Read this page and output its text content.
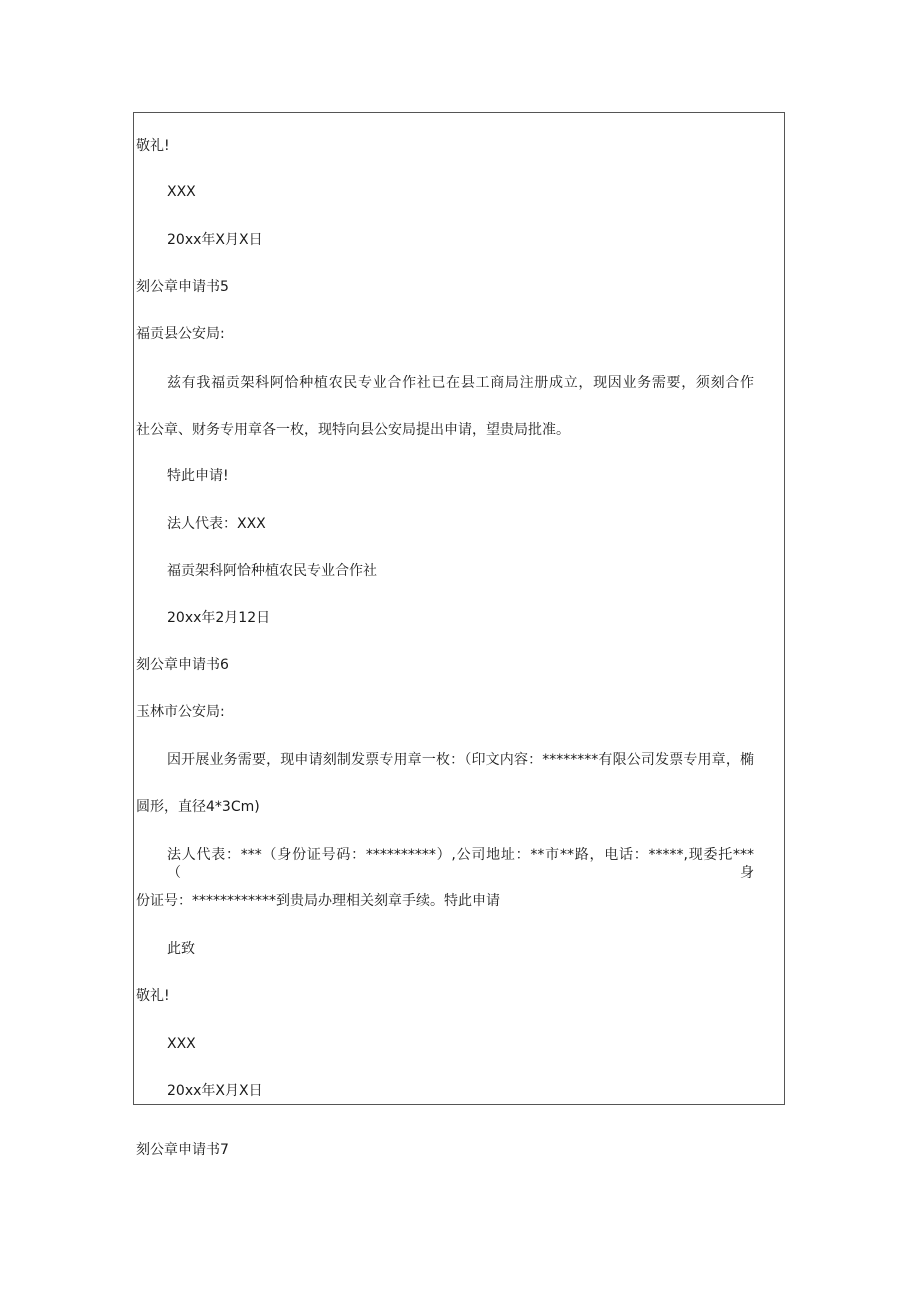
敬礼!
XXX
20xx年X月X日
刻公章申请书5
福贡县公安局:
兹有我福贡架科阿恰种植农民专业合作社已在县工商局注册成立，现因业务需要，须刻合作
社公章、财务专用章各一枚，现特向县公安局提出申请，望贵局批准。
特此申请!
法人代表：XXX
福贡架科阿恰种植农民专业合作社
20xx年2月12日
刻公章申请书6
玉林市公安局:
因开展业务需要，现申请刻制发票专用章一枚：（印文内容：********有限公司发票专用章，椭
圆形，直径4*3Cm)
法人代表：***（身份证号码：**********）,公司地址：**市**路，电话：*****,现委托***（身
份证号：************到贵局办理相关刻章手续。特此申请
此致
敬礼!
XXX
20xx年X月X日
刻公章申请书7
